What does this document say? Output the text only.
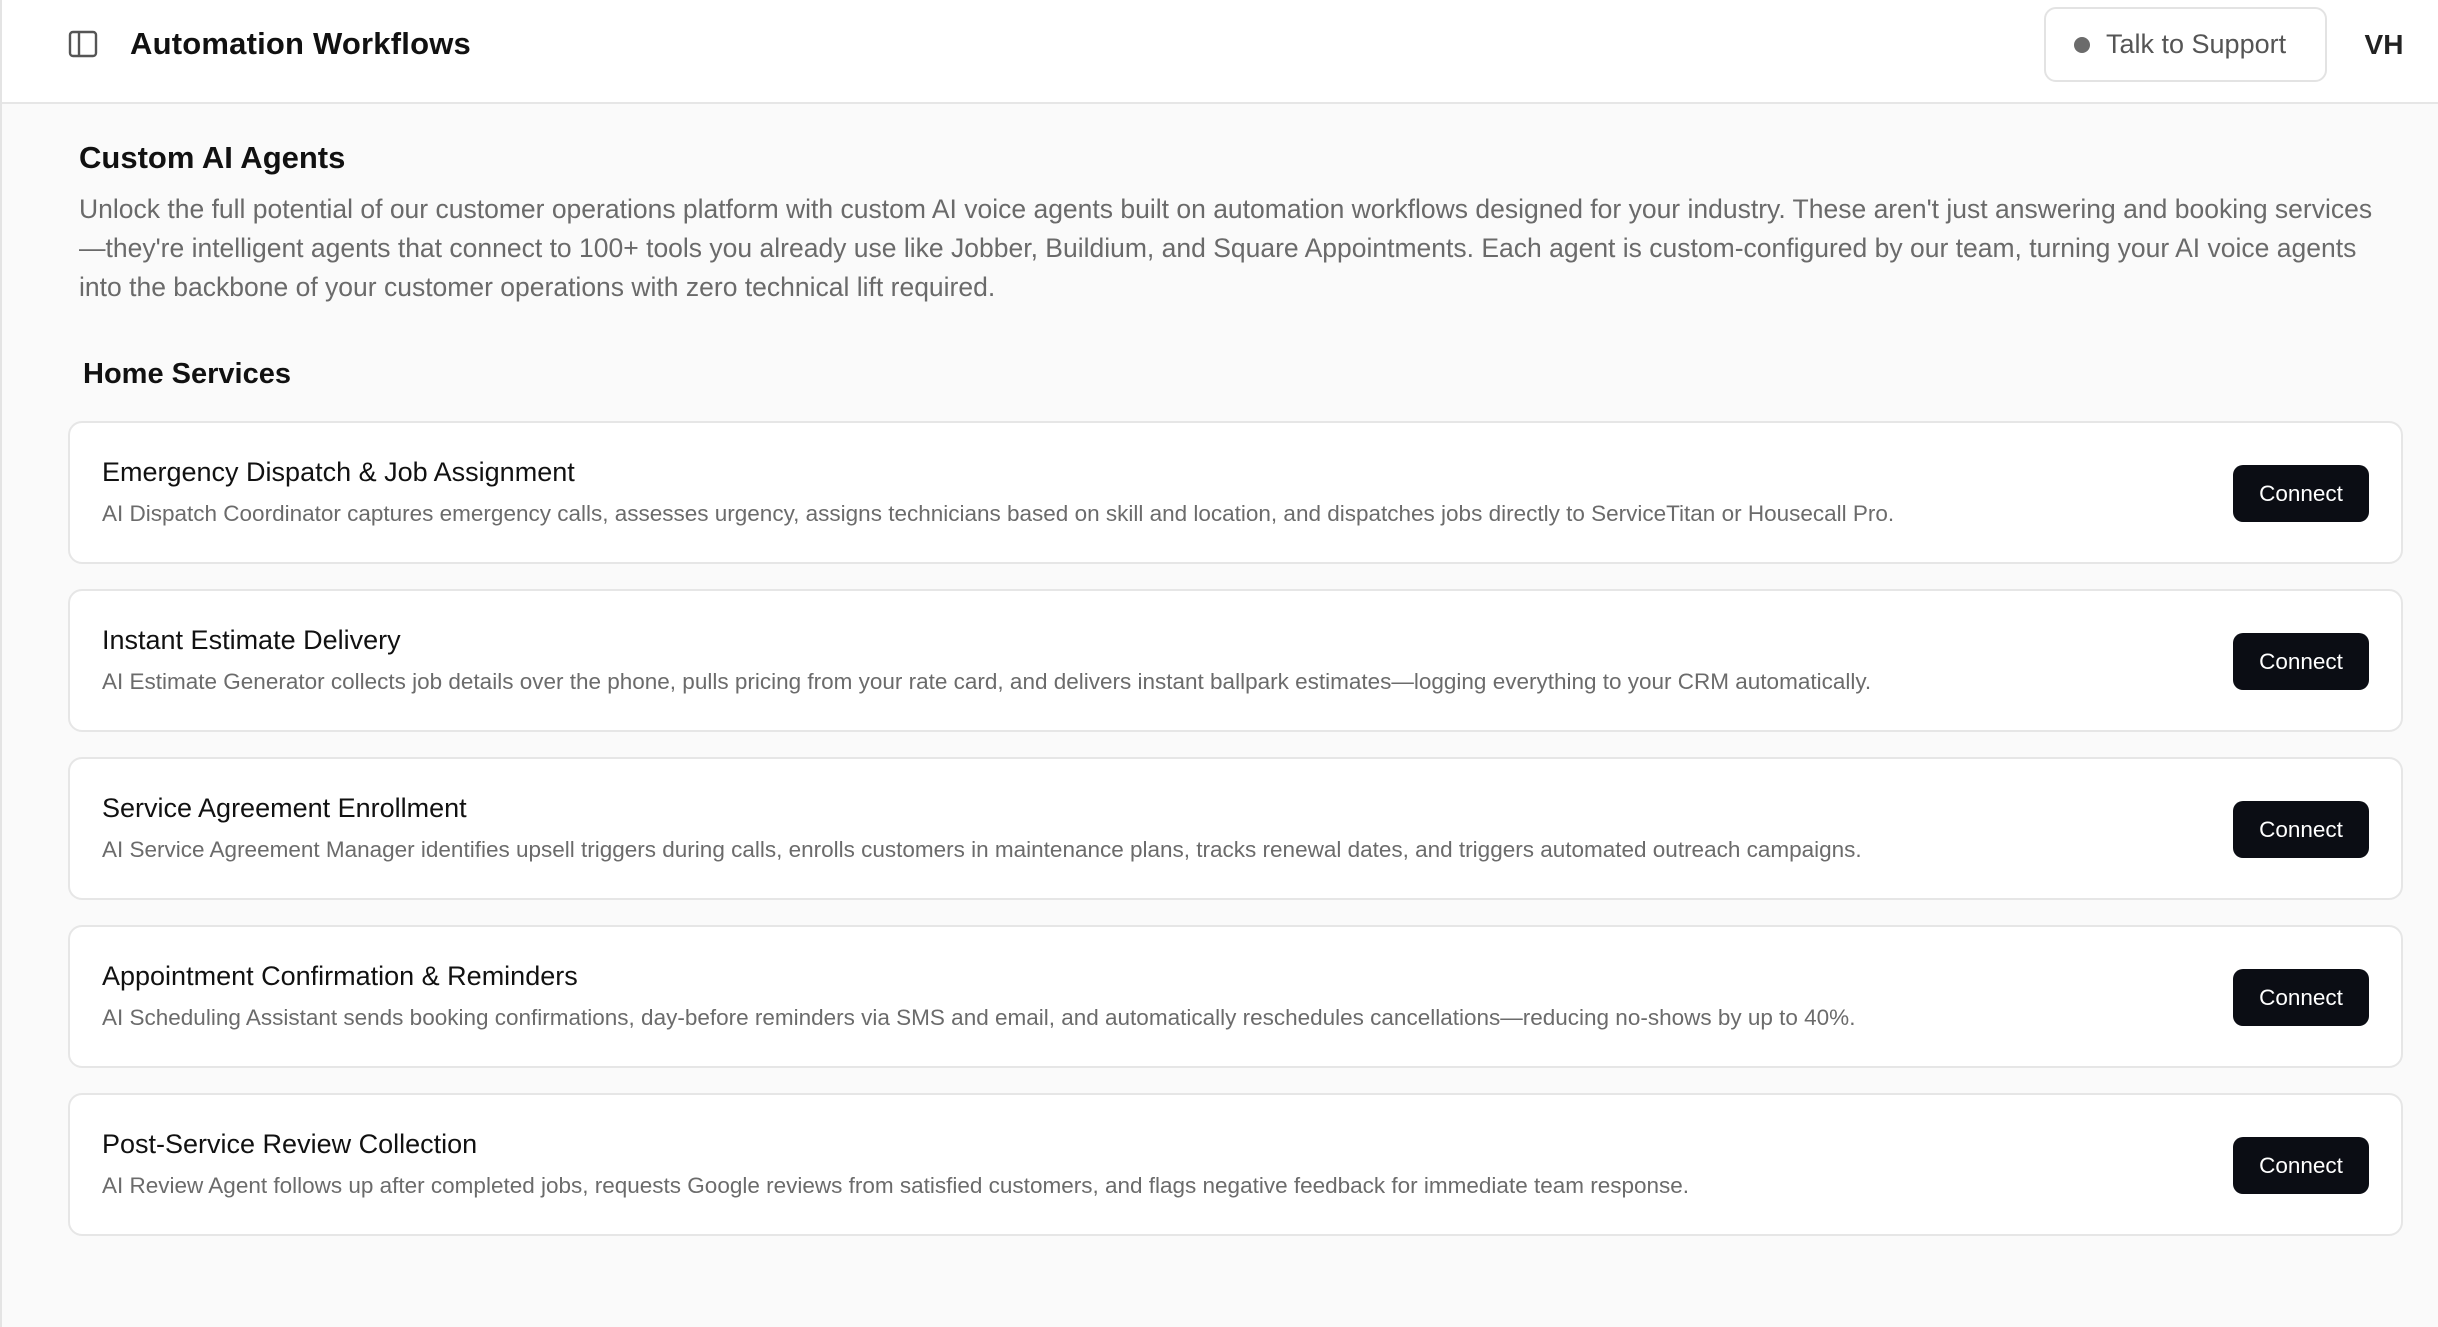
Automation Workflows	Talk to Support	VH
Custom AI Agents

Unlock the full potential of our customer operations platform with custom AI voice agents built on automation workflows designed for your industry. These aren't just answering and booking services—they're intelligent agents that connect to 100+ tools you already use like Jobber, Buildium, and Square Appointments. Each agent is custom-configured by our team, turning your AI voice agents into the backbone of your customer operations with zero technical lift required.

Home Services
Emergency Dispatch & Job Assignment
AI Dispatch Coordinator captures emergency calls, assesses urgency, assigns technicians based on skill and location, and dispatches jobs directly to ServiceTitan or Housecall Pro.
Connect
Instant Estimate Delivery
AI Estimate Generator collects job details over the phone, pulls pricing from your rate card, and delivers instant ballpark estimates—logging everything to your CRM automatically.
Connect
Service Agreement Enrollment
AI Service Agreement Manager identifies upsell triggers during calls, enrolls customers in maintenance plans, tracks renewal dates, and triggers automated outreach campaigns.
Connect
Appointment Confirmation & Reminders
AI Scheduling Assistant sends booking confirmations, day-before reminders via SMS and email, and automatically reschedules cancellations—reducing no-shows by up to 40%.
Connect
Post-Service Review Collection
AI Review Agent follows up after completed jobs, requests Google reviews from satisfied customers, and flags negative feedback for immediate team response.
Connect
